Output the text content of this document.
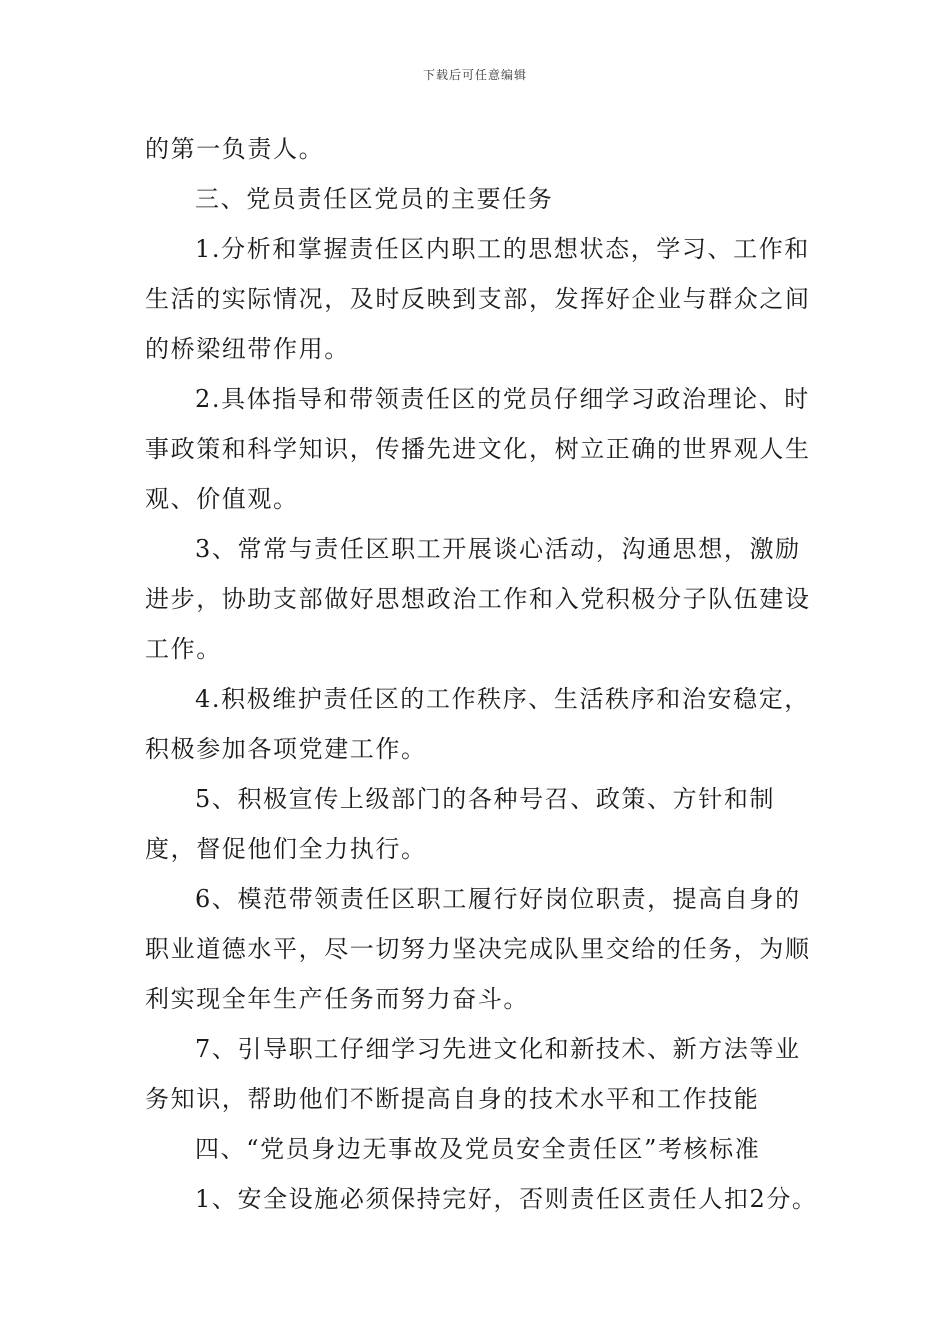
下载后可任意编辑

的第一负责人。

三、党员责任区党员的主要任务

1.分析和掌握责任区内职工的思想状态，学习、工作和生活的实际情况，及时反映到支部，发挥好企业与群众之间的桥梁纽带作用。

2.具体指导和带领责任区的党员仔细学习政治理论、时事政策和科学知识，传播先进文化，树立正确的世界观人生观、价值观。

3、常常与责任区职工开展谈心活动，沟通思想，激励进步，协助支部做好思想政治工作和入党积极分子队伍建设工作。

4.积极维护责任区的工作秩序、生活秩序和治安稳定，积极参加各项党建工作。

5、积极宣传上级部门的各种号召、政策、方针和制度，督促他们全力执行。

6、模范带领责任区职工履行好岗位职责，提高自身的职业道德水平，尽一切努力坚决完成队里交给的任务，为顺利实现全年生产任务而努力奋斗。

7、引导职工仔细学习先进文化和新技术、新方法等业务知识，帮助他们不断提高自身的技术水平和工作技能

四、“党员身边无事故及党员安全责任区”考核标准

1、安全设施必须保持完好，否则责任区责任人扣2分。
